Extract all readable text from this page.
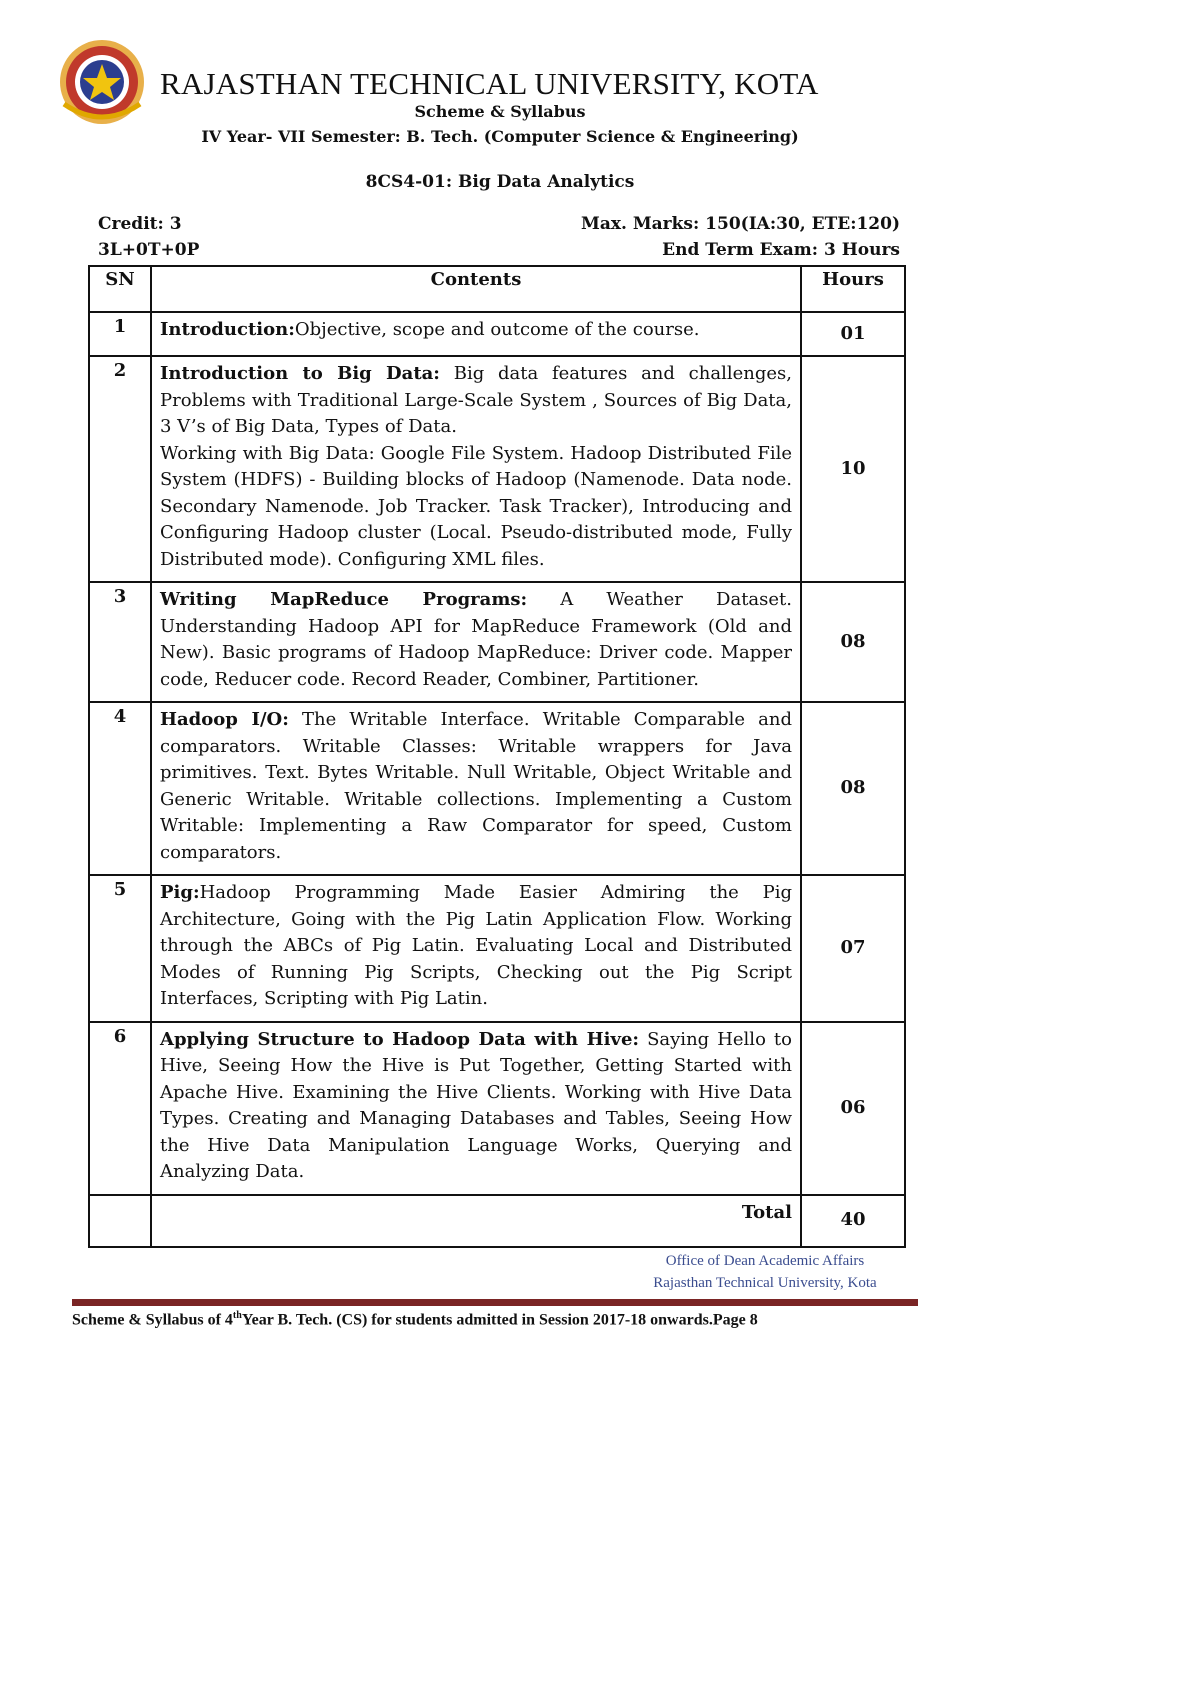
RAJASTHAN TECHNICAL UNIVERSITY, KOTA
Scheme & Syllabus
IV Year- VII Semester: B. Tech. (Computer Science & Engineering)
8CS4-01: Big Data Analytics
Credit: 3
3L+0T+0P
Max. Marks: 150(IA:30, ETE:120)
End Term Exam: 3 Hours
SN	Contents	Hours
1	Introduction:Objective, scope and outcome of the course.	01
2	Introduction to Big Data: Big data features and challenges, Problems with Traditional Large-Scale System , Sources of Big Data, 3 V’s of Big Data, Types of Data.
Working with Big Data: Google File System. Hadoop Distributed File System (HDFS) - Building blocks of Hadoop (Namenode. Data node. Secondary Namenode. Job Tracker. Task Tracker), Introducing and Configuring Hadoop cluster (Local. Pseudo-distributed mode, Fully Distributed mode). Configuring XML files.	10
3	Writing MapReduce Programs: A Weather Dataset. Understanding Hadoop API for MapReduce Framework (Old and New). Basic programs of Hadoop MapReduce: Driver code. Mapper code, Reducer code. Record Reader, Combiner, Partitioner.	08
4	Hadoop I/O: The Writable Interface. Writable Comparable and comparators. Writable Classes: Writable wrappers for Java primitives. Text. Bytes Writable. Null Writable, Object Writable and Generic Writable. Writable collections. Implementing a Custom Writable: Implementing a Raw Comparator for speed, Custom comparators.	08
5	Pig:Hadoop Programming Made Easier Admiring the Pig Architecture, Going with the Pig Latin Application Flow. Working through the ABCs of Pig Latin. Evaluating Local and Distributed Modes of Running Pig Scripts, Checking out the Pig Script Interfaces, Scripting with Pig Latin.	07
6	Applying Structure to Hadoop Data with Hive: Saying Hello to Hive, Seeing How the Hive is Put Together, Getting Started with Apache Hive. Examining the Hive Clients. Working with Hive Data Types. Creating and Managing Databases and Tables, Seeing How the Hive Data Manipulation Language Works, Querying and Analyzing Data.	06
	Total	40
Office of Dean Academic Affairs
Rajasthan Technical University, Kota
Scheme & Syllabus of 4thYear B. Tech. (CS) for students admitted in Session 2017-18 onwards.Page 8
